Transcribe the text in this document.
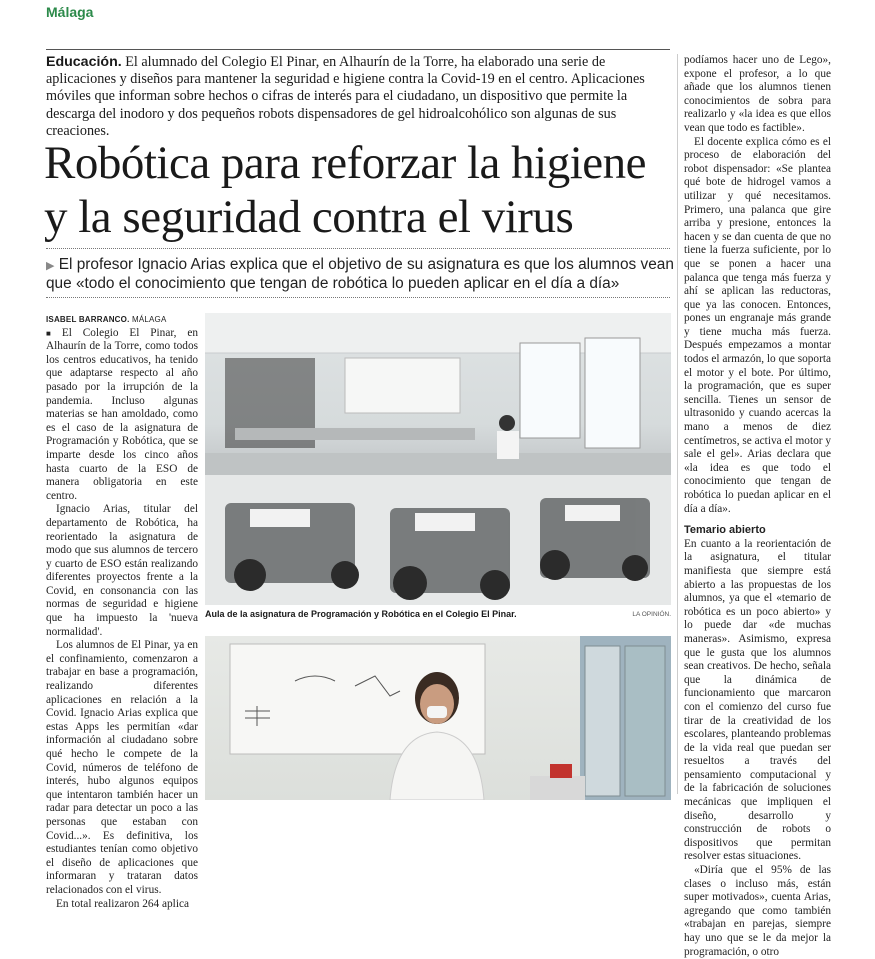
Málaga
Educación. El alumnado del Colegio El Pinar, en Alhaurín de la Torre, ha elaborado una serie de aplicaciones y diseños para mantener la seguridad e higiene contra la Covid-19 en el centro. Aplicaciones móviles que informan sobre hechos o cifras de interés para el ciudadano, un dispositivo que permite la descarga del inodoro y dos pequeños robots dispensadores de gel hidroalcohólico son algunas de sus creaciones.
Robótica para reforzar la higiene
y la seguridad contra el virus
▶ El profesor Ignacio Arias explica que el objetivo de su asignatura es que los alumnos vean que «todo el conocimiento que tengan de robótica lo pueden aplicar en el día a día»
ISABEL BARRANCO. MÁLAGA

■ El Colegio El Pinar, en Alhaurín de la Torre, como todos los centros educativos, ha tenido que adaptarse respecto al año pasado por la irrupción de la pandemia. Incluso algunas materias se han amoldado, como es el caso de la asignatura de Programación y Robótica, que se imparte desde los cinco años hasta cuarto de la ESO de manera obligatoria en este centro.

Ignacio Arias, titular del departamento de Robótica, ha reorientado la asignatura de modo que sus alumnos de tercero y cuarto de ESO están realizando diferentes proyectos frente a la Covid, en consonancia con las normas de seguridad e higiene que ha impuesto la 'nueva normalidad'.

Los alumnos de El Pinar, ya en el confinamiento, comenzaron a trabajar en base a programación, realizando diferentes aplicaciones en relación a la Covid. Ignacio Arias explica que estas Apps les permitían «dar información al ciudadano sobre qué hecho le compete de la Covid, números de teléfono de interés, hubo algunos equipos que intentaron también hacer un radar para detectar un poco a las personas que estaban con Covid...». Es definitiva, los estudiantes tenían como objetivo el diseño de aplicaciones que informaran y trataran datos relacionados con el virus.

En total realizaron 264 aplica

Aula de la asignatura de Programación y Robótica en el Colegio El Pinar.	LA OPINIÓN.

podíamos hacer uno de Lego», expone el profesor, a lo que añade que los alumnos tienen conocimientos de sobra para realizarlo y «la idea es que ellos vean que todo es factible».

El docente explica cómo es el proceso de elaboración del robot dispensador: «Se plantea qué bote de hidrogel vamos a utilizar y qué necesitamos. Primero, una palanca que gire arriba y presione, entonces la hacen y se dan cuenta de que no tiene la fuerza suficiente, por lo que se ponen a hacer una palanca que tenga más fuerza y ahí se aplican las reductoras, que ya las conocen. Entonces, pones un engranaje más grande y tiene mucha más fuerza. Después empezamos a montar todos el armazón, lo que soporta el motor y el bote. Por último, la programación, que es super sencilla. Tienes un sensor de ultrasonido y cuando acercas la mano a menos de diez centímetros, se activa el motor y sale el gel». Arias declara que «la idea es que todo el conocimiento que tengan de robótica lo puedan aplicar en el día a día».

Temario abierto

En cuanto a la reorientación de la asignatura, el titular manifiesta que siempre está abierto a las propuestas de los alumnos, ya que el «temario de robótica es un poco abierto» y lo puede dar «de muchas maneras». Asimismo, expresa que le gusta que los alumnos sean creativos. De hecho, señala que la dinámica de funcionamiento que marcaron con el comienzo del curso fue tirar de la creatividad de los escolares, planteando problemas de la vida real que puedan ser resueltos a través del pensamiento computacional y de la fabricación de soluciones mecánicas que impliquen el diseño, desarrollo y construcción de robots o dispositivos que permitan resolver estas situaciones.

«Diría que el 95% de las clases o incluso más, están super motivados», cuenta Arias, agregando que como también «trabajan en parejas, siempre hay uno que se le da mejor la programación, o otro
